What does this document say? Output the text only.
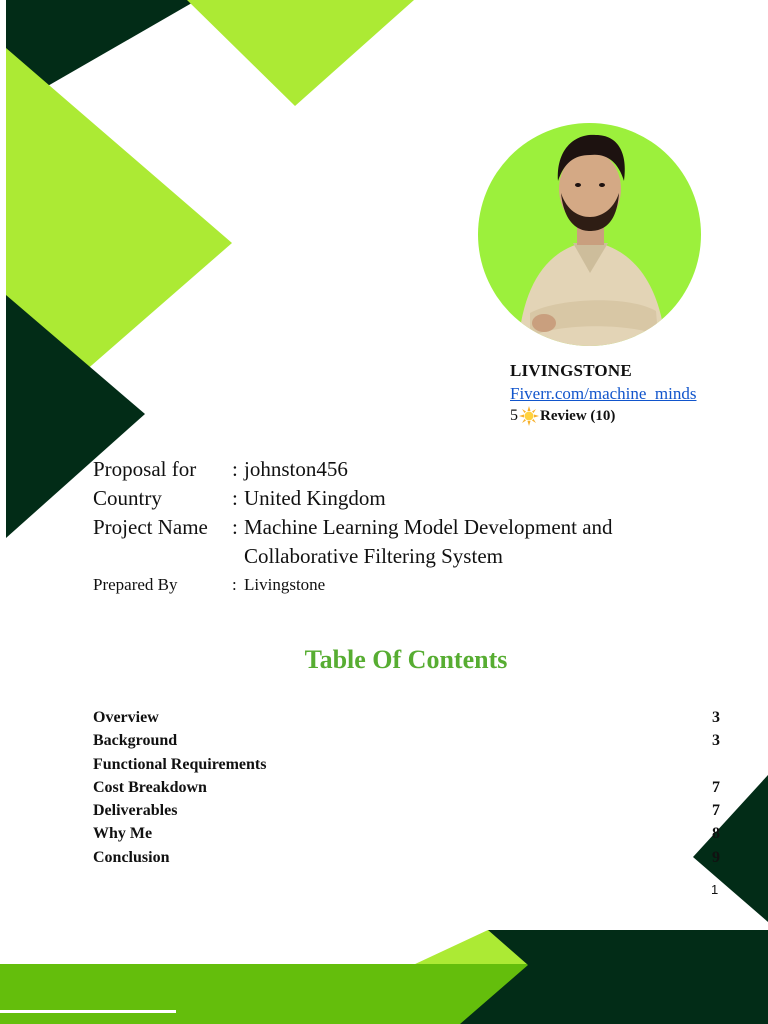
LIVINGSTONE
Fiverr.com/machine_minds
5 Review (10)
Proposal for	: johnston456
Country	: United Kingdom
Project Name	: Machine Learning Model Development and
Collaborative Filtering System
Prepared By	: Livingstone
Table Of Contents
Overview	3
Background	3
Functional Requirements
Cost Breakdown	7
Deliverables	7
Why Me	8
Conclusion	9
1
